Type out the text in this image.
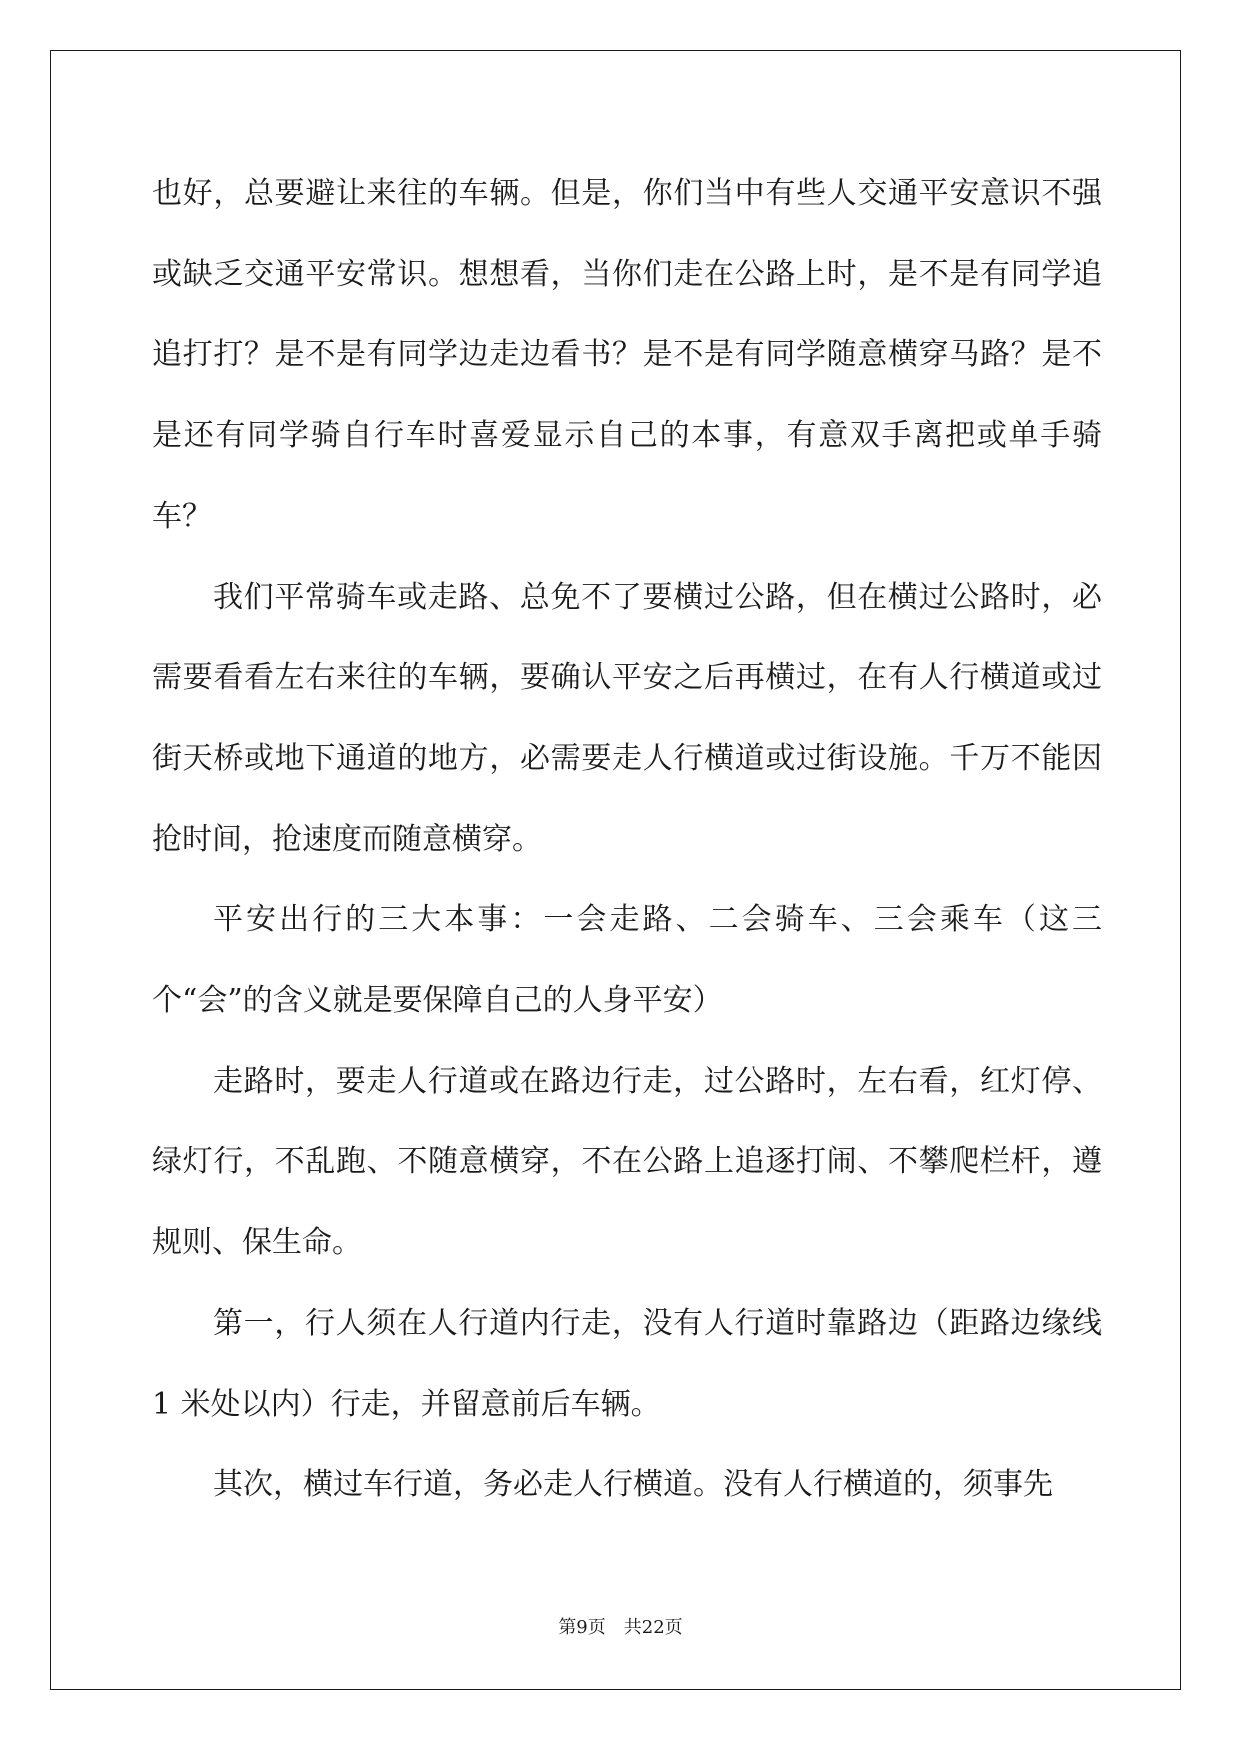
也好，总要避让来往的车辆。但是，你们当中有些人交通平安意识不强或缺乏交通平安常识。想想看，当你们走在公路上时，是不是有同学追追打打？是不是有同学边走边看书？是不是有同学随意横穿马路？是不是还有同学骑自行车时喜爱显示自己的本事，有意双手离把或单手骑车？

我们平常骑车或走路、总免不了要横过公路，但在横过公路时，必需要看看左右来往的车辆，要确认平安之后再横过，在有人行横道或过街天桥或地下通道的地方，必需要走人行横道或过街设施。千万不能因抢时间，抢速度而随意横穿。

平安出行的三大本事：一会走路、二会骑车、三会乘车（这三个“会”的含义就是要保障自己的人身平安）

走路时，要走人行道或在路边行走，过公路时，左右看，红灯停、绿灯行，不乱跑、不随意横穿，不在公路上追逐打闹、不攀爬栏杆，遵规则、保生命。

第一，行人须在人行道内行走，没有人行道时靠路边（距路边缘线 1 米处以内）行走，并留意前后车辆。

其次，横过车行道，务必走人行横道。没有人行横道的，须事先

第9页　共22页
